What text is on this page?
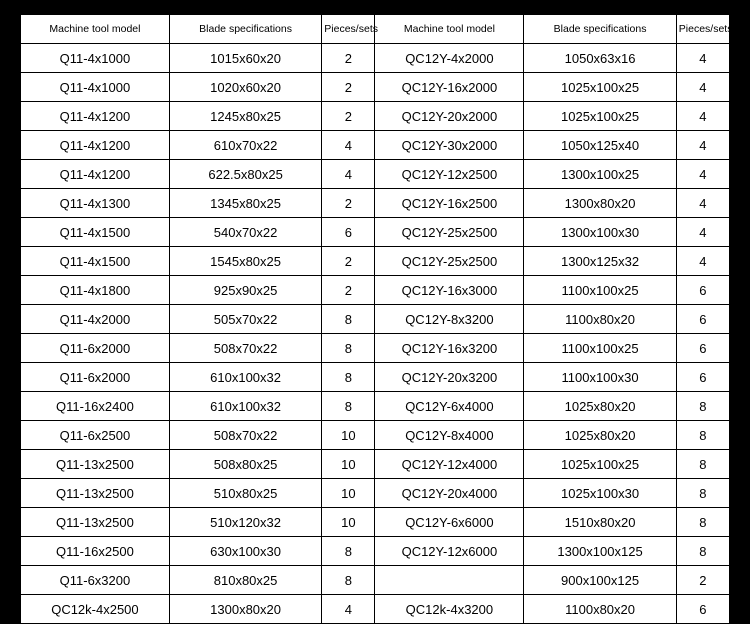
Machine tool model	Blade specifications	Pieces/sets	Machine tool model	Blade specifications	Pieces/sets
Q11-4x1000	1015x60x20	2	QC12Y-4x2000	1050x63x16	4
Q11-4x1000	1020x60x20	2	QC12Y-16x2000	1025x100x25	4
Q11-4x1200	1245x80x25	2	QC12Y-20x2000	1025x100x25	4
Q11-4x1200	610x70x22	4	QC12Y-30x2000	1050x125x40	4
Q11-4x1200	622.5x80x25	4	QC12Y-12x2500	1300x100x25	4
Q11-4x1300	1345x80x25	2	QC12Y-16x2500	1300x80x20	4
Q11-4x1500	540x70x22	6	QC12Y-25x2500	1300x100x30	4
Q11-4x1500	1545x80x25	2	QC12Y-25x2500	1300x125x32	4
Q11-4x1800	925x90x25	2	QC12Y-16x3000	1100x100x25	6
Q11-4x2000	505x70x22	8	QC12Y-8x3200	1100x80x20	6
Q11-6x2000	508x70x22	8	QC12Y-16x3200	1100x100x25	6
Q11-6x2000	610x100x32	8	QC12Y-20x3200	1100x100x30	6
Q11-16x2400	610x100x32	8	QC12Y-6x4000	1025x80x20	8
Q11-6x2500	508x70x22	10	QC12Y-8x4000	1025x80x20	8
Q11-13x2500	508x80x25	10	QC12Y-12x4000	1025x100x25	8
Q11-13x2500	510x80x25	10	QC12Y-20x4000	1025x100x30	8
Q11-13x2500	510x120x32	10	QC12Y-6x6000	1510x80x20	8
Q11-16x2500	630x100x30	8	QC12Y-12x6000	1300x100x125	8
Q11-6x3200	810x80x25	8		900x100x125	2
QC12k-4x2500	1300x80x20	4	QC12k-4x3200	1100x80x20	6
